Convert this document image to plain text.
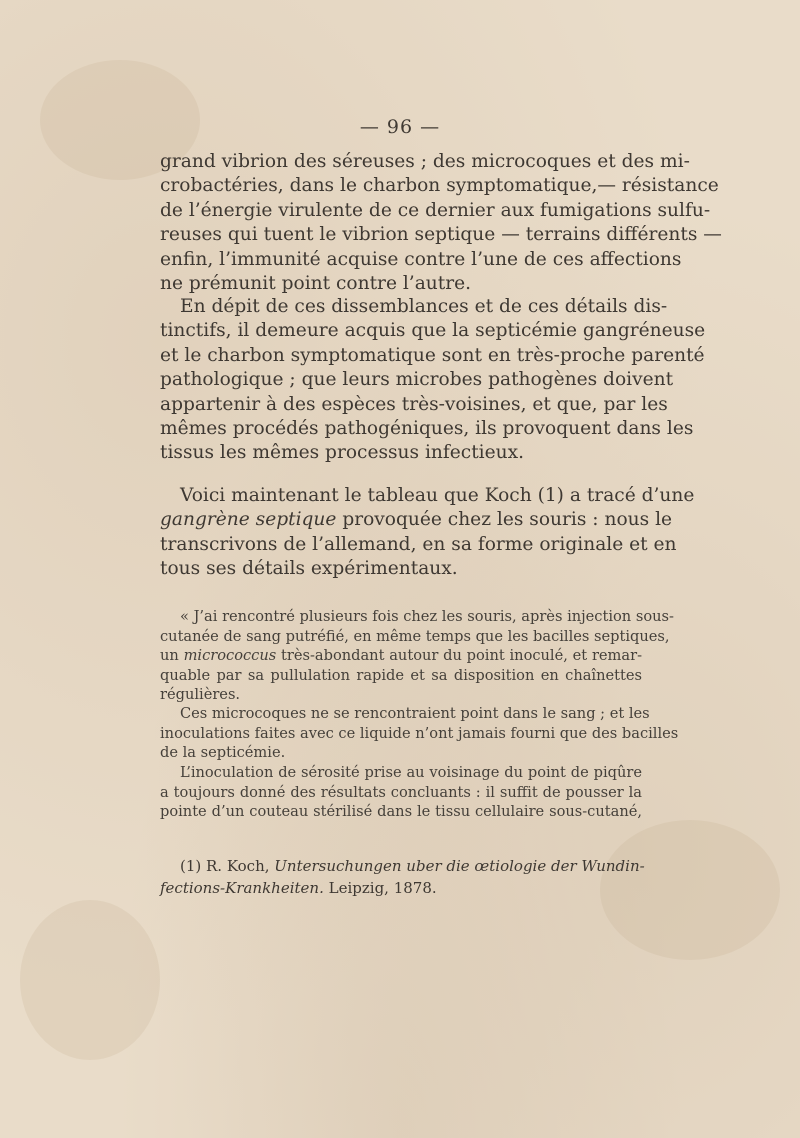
— 96 —
grand vibrion des séreuses ; des microcoques et des mi-
crobactéries, dans le charbon symptomatique,— résistance
de l’énergie virulente de ce dernier aux fumigations sulfu-
reuses qui tuent le vibrion septique — terrains différents —
enfin, l’immunité acquise contre l’une de ces affections
ne prémunit point contre l’autre.
En dépit de ces dissemblances et de ces détails dis-
tinctifs, il demeure acquis que la septicémie gangréneuse
et le charbon symptomatique sont en très-proche parenté
pathologique ; que leurs microbes pathogènes doivent
appartenir à des espèces très-voisines, et que, par les
mêmes procédés pathogéniques, ils provoquent dans les
tissus les mêmes processus infectieux.
Voici maintenant le tableau que Koch (1) a tracé d’une
gangrène septique provoquée chez les souris : nous le
transcrivons de l’allemand, en sa forme originale et en
tous ses détails expérimentaux.
« J’ai rencontré plusieurs fois chez les souris, après injection sous-
cutanée de sang putréfié, en même temps que les bacilles septiques,
un micrococcus très-abondant autour du point inoculé, et remar-
quable par sa pullulation rapide et sa disposition en chaînettes
régulières.
Ces microcoques ne se rencontraient point dans le sang ; et les
inoculations faites avec ce liquide n’ont jamais fourni que des bacilles
de la septicémie.
L’inoculation de sérosité prise au voisinage du point de piqûre
a toujours donné des résultats concluants : il suffit de pousser la
pointe d’un couteau stérilisé dans le tissu cellulaire sous-cutané,
(1) R. Koch, Untersuchungen uber die œtiologie der Wundin-
fections-Krankheiten. Leipzig, 1878.
